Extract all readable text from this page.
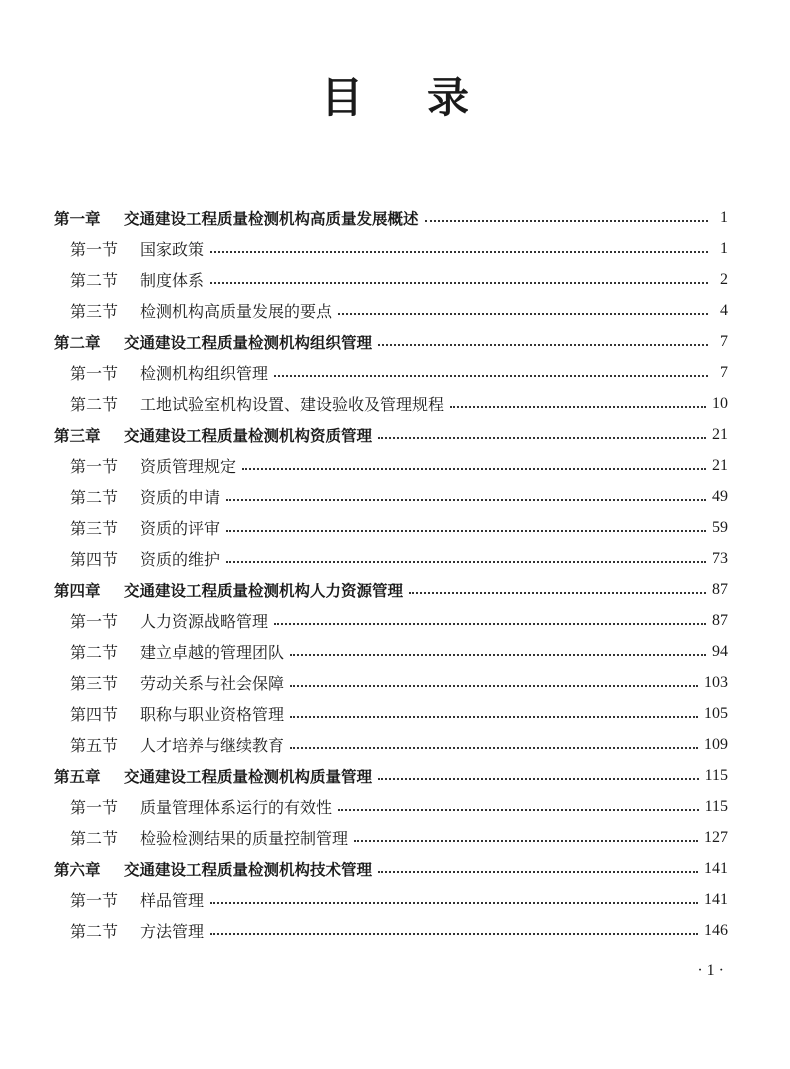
目 录
第一章	交通建设工程质量检测机构高质量发展概述	1
第一节	国家政策	1
第二节	制度体系	2
第三节	检测机构高质量发展的要点	4
第二章	交通建设工程质量检测机构组织管理	7
第一节	检测机构组织管理	7
第二节	工地试验室机构设置、建设验收及管理规程	10
第三章	交通建设工程质量检测机构资质管理	21
第一节	资质管理规定	21
第二节	资质的申请	49
第三节	资质的评审	59
第四节	资质的维护	73
第四章	交通建设工程质量检测机构人力资源管理	87
第一节	人力资源战略管理	87
第二节	建立卓越的管理团队	94
第三节	劳动关系与社会保障	103
第四节	职称与职业资格管理	105
第五节	人才培养与继续教育	109
第五章	交通建设工程质量检测机构质量管理	115
第一节	质量管理体系运行的有效性	115
第二节	检验检测结果的质量控制管理	127
第六章	交通建设工程质量检测机构技术管理	141
第一节	样品管理	141
第二节	方法管理	146
· 1 ·
